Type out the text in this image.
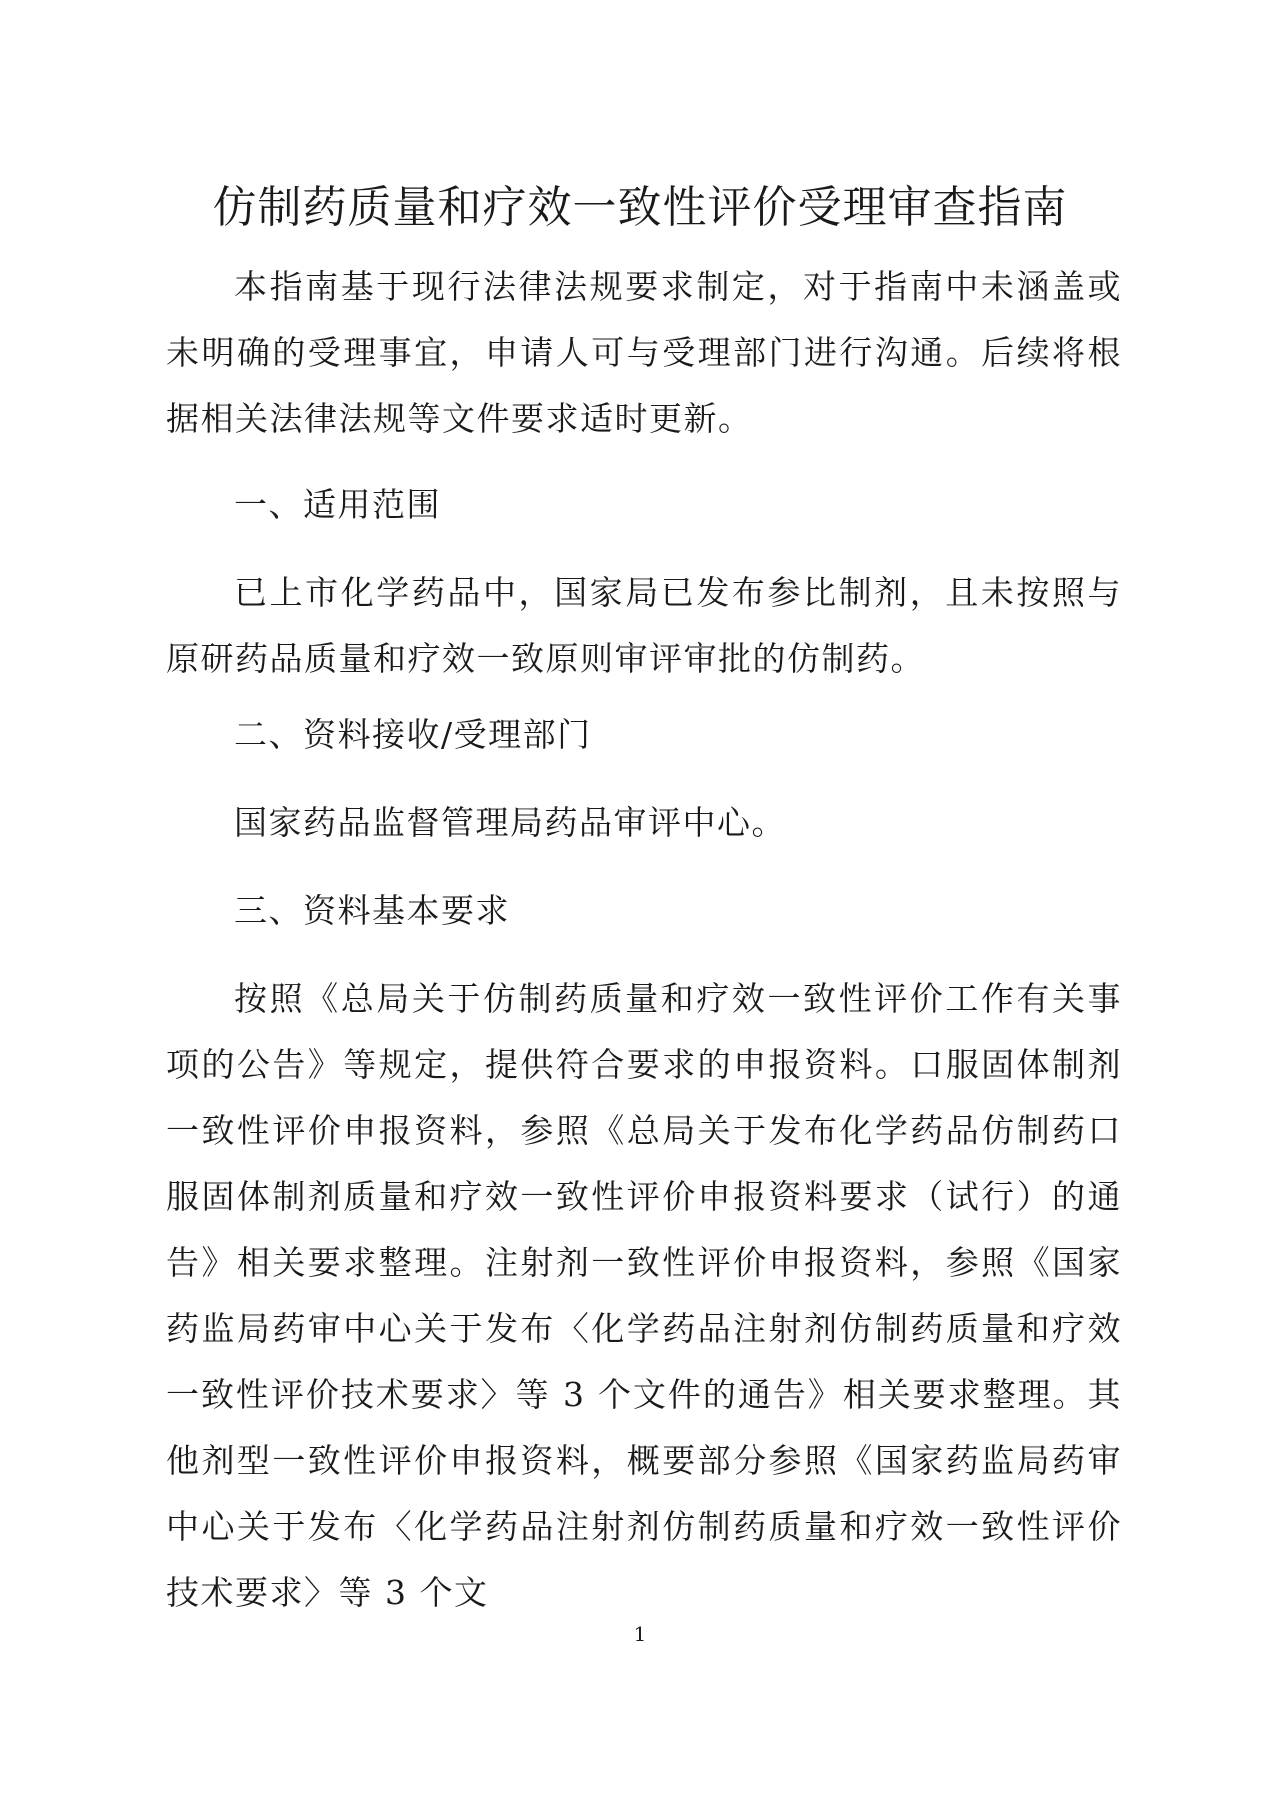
仿制药质量和疗效一致性评价受理审查指南

本指南基于现行法律法规要求制定，对于指南中未涵盖或未明确的受理事宜，申请人可与受理部门进行沟通。后续将根据相关法律法规等文件要求适时更新。

一、适用范围

已上市化学药品中，国家局已发布参比制剂，且未按照与原研药品质量和疗效一致原则审评审批的仿制药。

二、资料接收/受理部门

国家药品监督管理局药品审评中心。

三、资料基本要求

按照《总局关于仿制药质量和疗效一致性评价工作有关事项的公告》等规定，提供符合要求的申报资料。口服固体制剂一致性评价申报资料，参照《总局关于发布化学药品仿制药口服固体制剂质量和疗效一致性评价申报资料要求（试行）的通告》相关要求整理。注射剂一致性评价申报资料，参照《国家药监局药审中心关于发布〈化学药品注射剂仿制药质量和疗效一致性评价技术要求〉等 3 个文件的通告》相关要求整理。其他剂型一致性评价申报资料，概要部分参照《国家药监局药审中心关于发布〈化学药品注射剂仿制药质量和疗效一致性评价技术要求〉等 3 个文

1
